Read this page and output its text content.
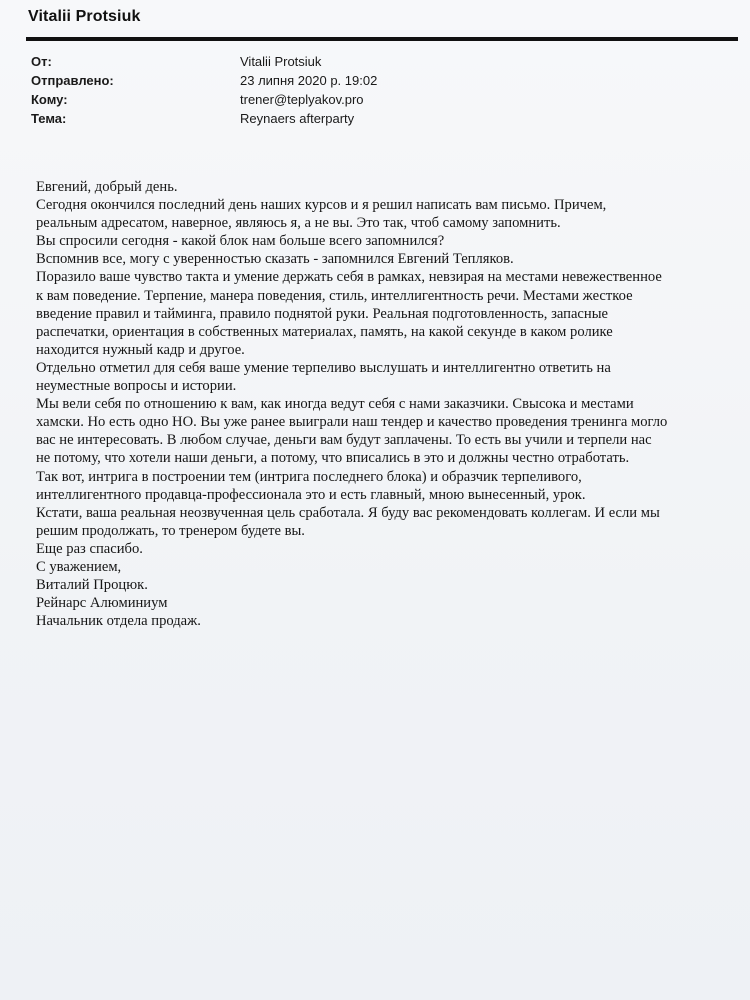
Vitalii Protsiuk
От:	Vitalii Protsiuk
Отправлено:	23 липня 2020 р. 19:02
Кому:	trener@teplyakov.pro
Тема:	Reynaers afterparty
Евгений, добрый день.
Сегодня окончился последний день наших курсов и я решил написать вам письмо. Причем,
реальным адресатом, наверное, являюсь я, а не вы. Это так, чтоб самому запомнить.
Вы спросили сегодня - какой блок нам больше всего запомнился?
Вспомнив все, могу с уверенностью сказать - запомнился Евгений Тепляков.
Поразило ваше чувство такта и умение держать себя в рамках, невзирая на местами невежественное
к вам поведение. Терпение, манера поведения, стиль, интеллигентность речи. Местами жесткое
введение правил и тайминга, правило поднятой руки. Реальная подготовленность, запасные
распечатки, ориентация в собственных материалах, память, на какой секунде в каком ролике
находится нужный кадр и другое.
Отдельно отметил для себя ваше умение терпеливо выслушать и интеллигентно ответить на
неуместные вопросы и истории.
Мы вели себя по отношению к вам, как иногда ведут себя с нами заказчики. Свысока и местами
хамски. Но есть одно НО. Вы уже ранее выиграли наш тендер и качество проведения тренинга могло
вас не интересовать. В любом случае, деньги вам будут заплачены. То есть вы учили и терпели нас
не потому, что хотели наши деньги, а потому, что вписались в это и должны честно отработать.
Так вот, интрига в построении тем (интрига последнего блока) и образчик терпеливого,
интеллигентного продавца-профессионала это и есть главный, мною вынесенный, урок.
Кстати, ваша реальная неозвученная цель сработала. Я буду вас рекомендовать коллегам. И если мы
решим продолжать, то тренером будете вы.
Еще раз спасибо.
С уважением,
Виталий Процюк.
Рейнарс Алюминиум
Начальник отдела продаж.
